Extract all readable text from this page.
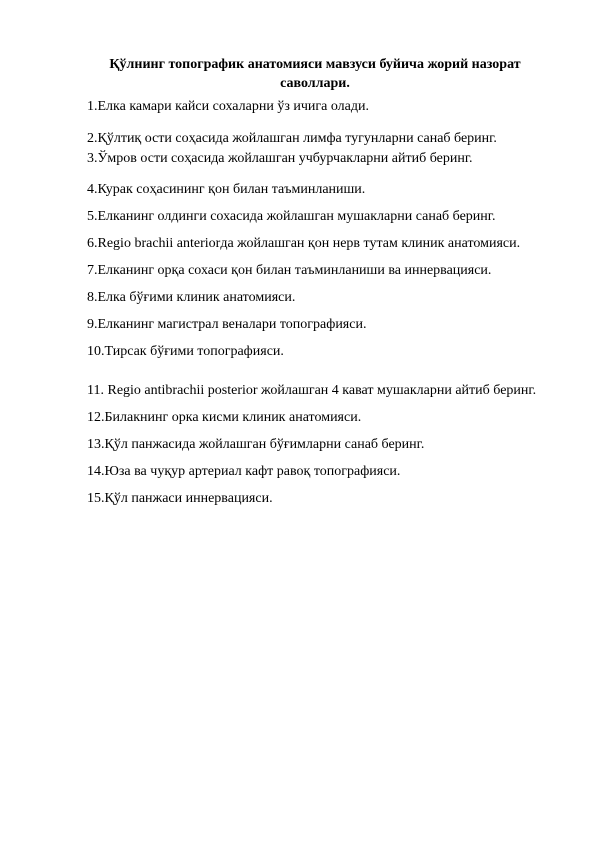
Қўлнинг топографик анатомияси мавзуси буйича жорий назорат
саволлари.
1.Елка камари кайси сохаларни ўз ичига олади.
2.Қўлтиқ ости соҳасида жойлашган лимфа тугунларни санаб беринг.
3.Ўмров ости соҳасида жойлашган учбурчакларни айтиб беринг.
4.Курак соҳасининг қон билан таъминланиши.
5.Елканинг олдинги сохасида жойлашган мушакларни санаб беринг.
6.Regio brachii anteriorда жойлашган қон нерв тутам клиник анатомияси.
7.Елканинг орқа сохаси қон билан таъминланиши ва иннервацияси.
8.Елка бўғими клиник анатомияси.
9.Елканинг магистрал веналари топографияси.
10.Тирсак бўғими топографияси.
11. Regio antibrachii posterior жойлашган 4 кават мушакларни айтиб беринг.
12.Билакнинг орка кисми клиник анатомияси.
13.Қўл панжасида жойлашган бўғимларни санаб беринг.
14.Юза ва чуқур артериал кафт равоқ топографияси.
15.Қўл панжаси иннервацияси.
